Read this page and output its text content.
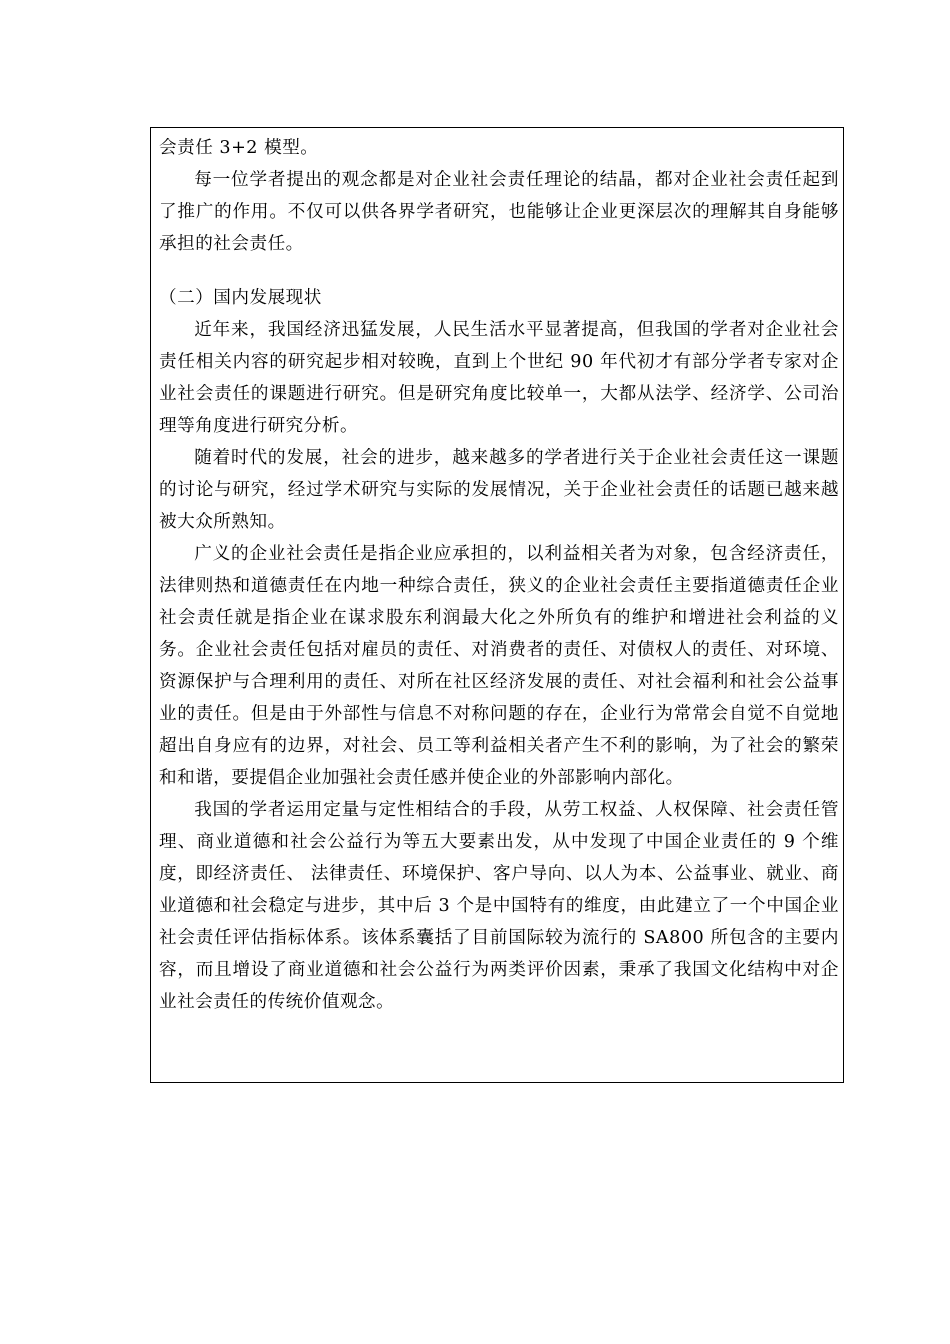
会责任 3+2 模型。

每一位学者提出的观念都是对企业社会责任理论的结晶，都对企业社会责任起到了推广的作用。不仅可以供各界学者研究，也能够让企业更深层次的理解其自身能够承担的社会责任。

（二）国内发展现状

近年来，我国经济迅猛发展，人民生活水平显著提高，但我国的学者对企业社会责任相关内容的研究起步相对较晚，直到上个世纪 90 年代初才有部分学者专家对企业社会责任的课题进行研究。但是研究角度比较单一，大都从法学、经济学、公司治理等角度进行研究分析。

随着时代的发展，社会的进步，越来越多的学者进行关于企业社会责任这一课题的讨论与研究，经过学术研究与实际的发展情况，关于企业社会责任的话题已越来越被大众所熟知。

广义的企业社会责任是指企业应承担的，以利益相关者为对象，包含经济责任，法律则热和道德责任在内地一种综合责任，狭义的企业社会责任主要指道德责任企业社会责任就是指企业在谋求股东利润最大化之外所负有的维护和增进社会利益的义务。企业社会责任包括对雇员的责任、对消费者的责任、对债权人的责任、对环境、资源保护与合理利用的责任、对所在社区经济发展的责任、对社会福利和社会公益事业的责任。但是由于外部性与信息不对称问题的存在，企业行为常常会自觉不自觉地超出自身应有的边界，对社会、员工等利益相关者产生不利的影响，为了社会的繁荣和和谐，要提倡企业加强社会责任感并使企业的外部影响内部化。

我国的学者运用定量与定性相结合的手段，从劳工权益、人权保障、社会责任管理、商业道德和社会公益行为等五大要素出发，从中发现了中国企业责任的 9 个维度，即经济责任、 法律责任、环境保护、客户导向、以人为本、公益事业、就业、商业道德和社会稳定与进步，其中后 3 个是中国特有的维度，由此建立了一个中国企业社会责任评估指标体系。该体系囊括了目前国际较为流行的 SA800 所包含的主要内容，而且增设了商业道德和社会公益行为两类评价因素，秉承了我国文化结构中对企业社会责任的传统价值观念。
